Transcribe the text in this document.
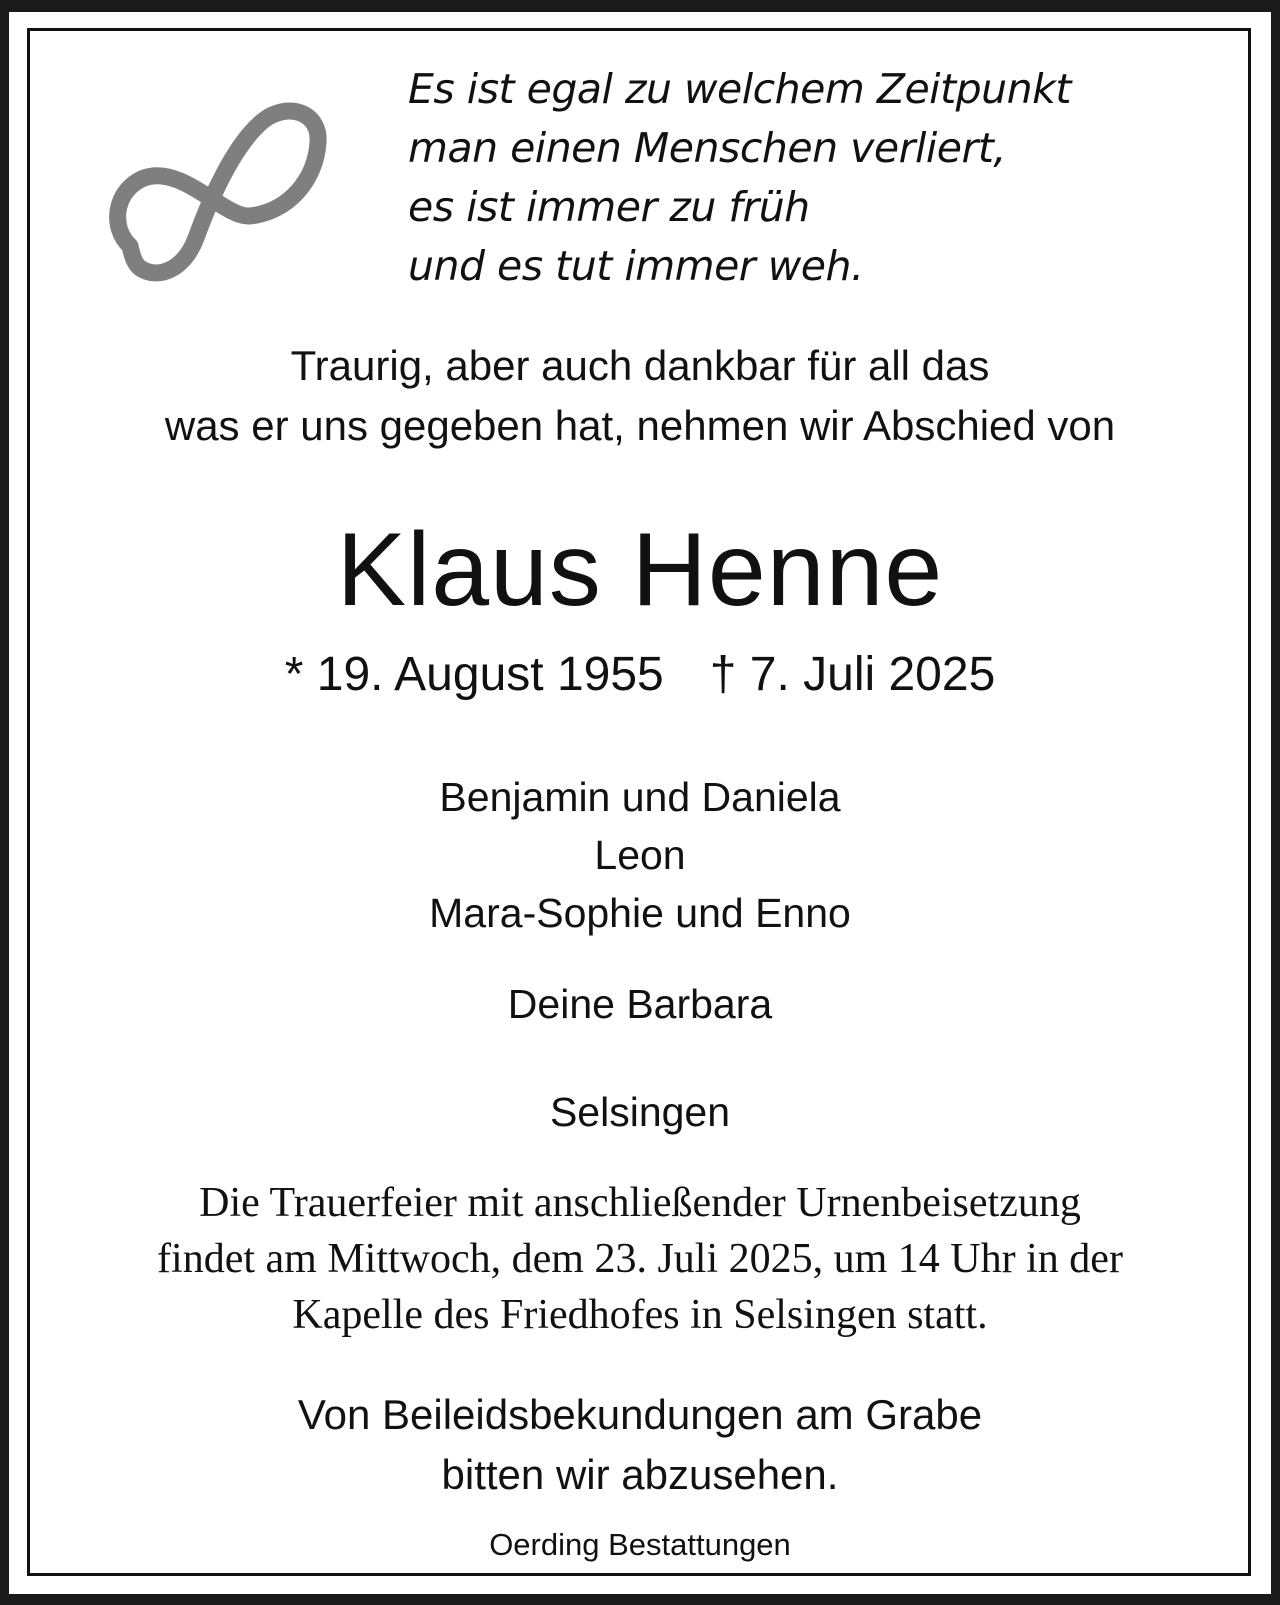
Es ist egal zu welchem Zeitpunkt
man einen Menschen verliert,
es ist immer zu früh
und es tut immer weh.
Traurig, aber auch dankbar für all das
was er uns gegeben hat, nehmen wir Abschied von
Klaus Henne
* 19. August 1955 † 7. Juli 2025
Benjamin und Daniela
Leon
Mara-Sophie und Enno
Deine Barbara
Selsingen
Die Trauerfeier mit anschließender Urnenbeisetzung
findet am Mittwoch, dem 23. Juli 2025, um 14 Uhr in der
Kapelle des Friedhofes in Selsingen statt.
Von Beileidsbekundungen am Grabe
bitten wir abzusehen.
Oerding Bestattungen
